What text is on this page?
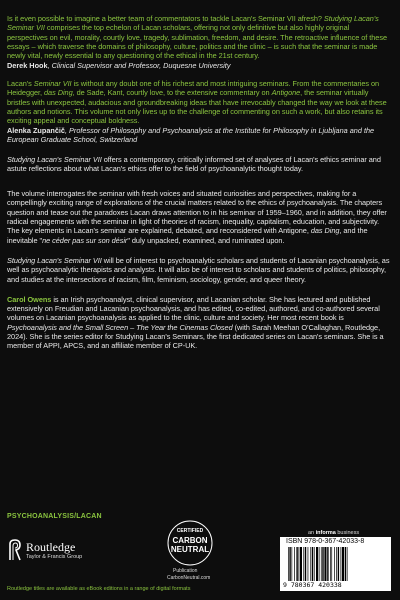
Is it even possible to imagine a better team of commentators to tackle Lacan's Seminar VII afresh? Studying Lacan's Seminar VII comprises the top echelon of Lacan scholars, offering not only definitive but also highly original perspectives on evil, morality, courtly love, tragedy, sublimation, freedom, and desire. The retroactive influence of these essays – which traverse the domains of philosophy, culture, politics and the clinic – is such that the seminar is made newly vital, newly essential to any questioning of the ethical in the 21st century.

Derek Hook, Clinical Supervisor and Professor, Duquesne University

Lacan's Seminar VII is without any doubt one of his richest and most intriguing seminars. From the commentaries on Heidegger, das Ding, de Sade, Kant, courtly love, to the extensive commentary on Antigone, the seminar virtually bristles with unexpected, audacious and groundbreaking ideas that have irrevocably changed the way we look at these authors and notions. This volume not only lives up to the challenge of commenting on such a work, but also retains its exciting appeal and conceptual boldness.

Alenka Zupančič, Professor of Philosophy and Psychoanalysis at the Institute for Philosophy in Ljubljana and the European Graduate School, Switzerland

Studying Lacan's Seminar VII offers a contemporary, critically informed set of analyses of Lacan's ethics seminar and astute reflections about what Lacan's ethics offer to the field of psychoanalytic thought today.

The volume interrogates the seminar with fresh voices and situated curiosities and perspectives, making for a compellingly exciting range of explorations of the crucial matters related to the ethics of psychoanalysis. The chapters question and tease out the paradoxes Lacan draws attention to in his seminar of 1959–1960, and in addition, they offer radical engagements with the seminar in light of theories of racism, inequality, capitalism, education, and subjectivity. The key elements in Lacan's seminar are explained, debated, and reconsidered with Antigone, das Ding, and the inevitable "ne céder pas sur son désir" duly unpacked, examined, and ruminated upon.

Studying Lacan's Seminar VII will be of interest to psychoanalytic scholars and students of Lacanian psychoanalysis, as well as psychoanalytic therapists and analysts. It will also be of interest to scholars and students of politics, philosophy, and studies at the intersections of racism, film, feminism, sociology, gender, and queer theory.

Carol Owens is an Irish psychoanalyst, clinical supervisor, and Lacanian scholar. She has lectured and published extensively on Freudian and Lacanian psychoanalysis, and has edited, co-edited, authored, and co-authored several volumes on Lacanian psychoanalysis as applied to the clinic, culture and society. Her most recent book is Psychoanalysis and the Small Screen – The Year the Cinemas Closed (with Sarah Meehan O'Callaghan, Routledge, 2024). She is the series editor for Studying Lacan's Seminars, the first dedicated series on Lacan's seminars. She is a member of APPI, APCS, and an affiliate member of CP-UK.

PSYCHOANALYSIS/LACAN
Routledge
Taylor & Francis Group
CERTIFIED
CARBON
NEUTRAL
Publication
CarbonNeutral.com
an informa business
ISBN 978-0-367-42033-8
9 780367 420338
Routledge titles are available as eBook editions in a range of digital formats
